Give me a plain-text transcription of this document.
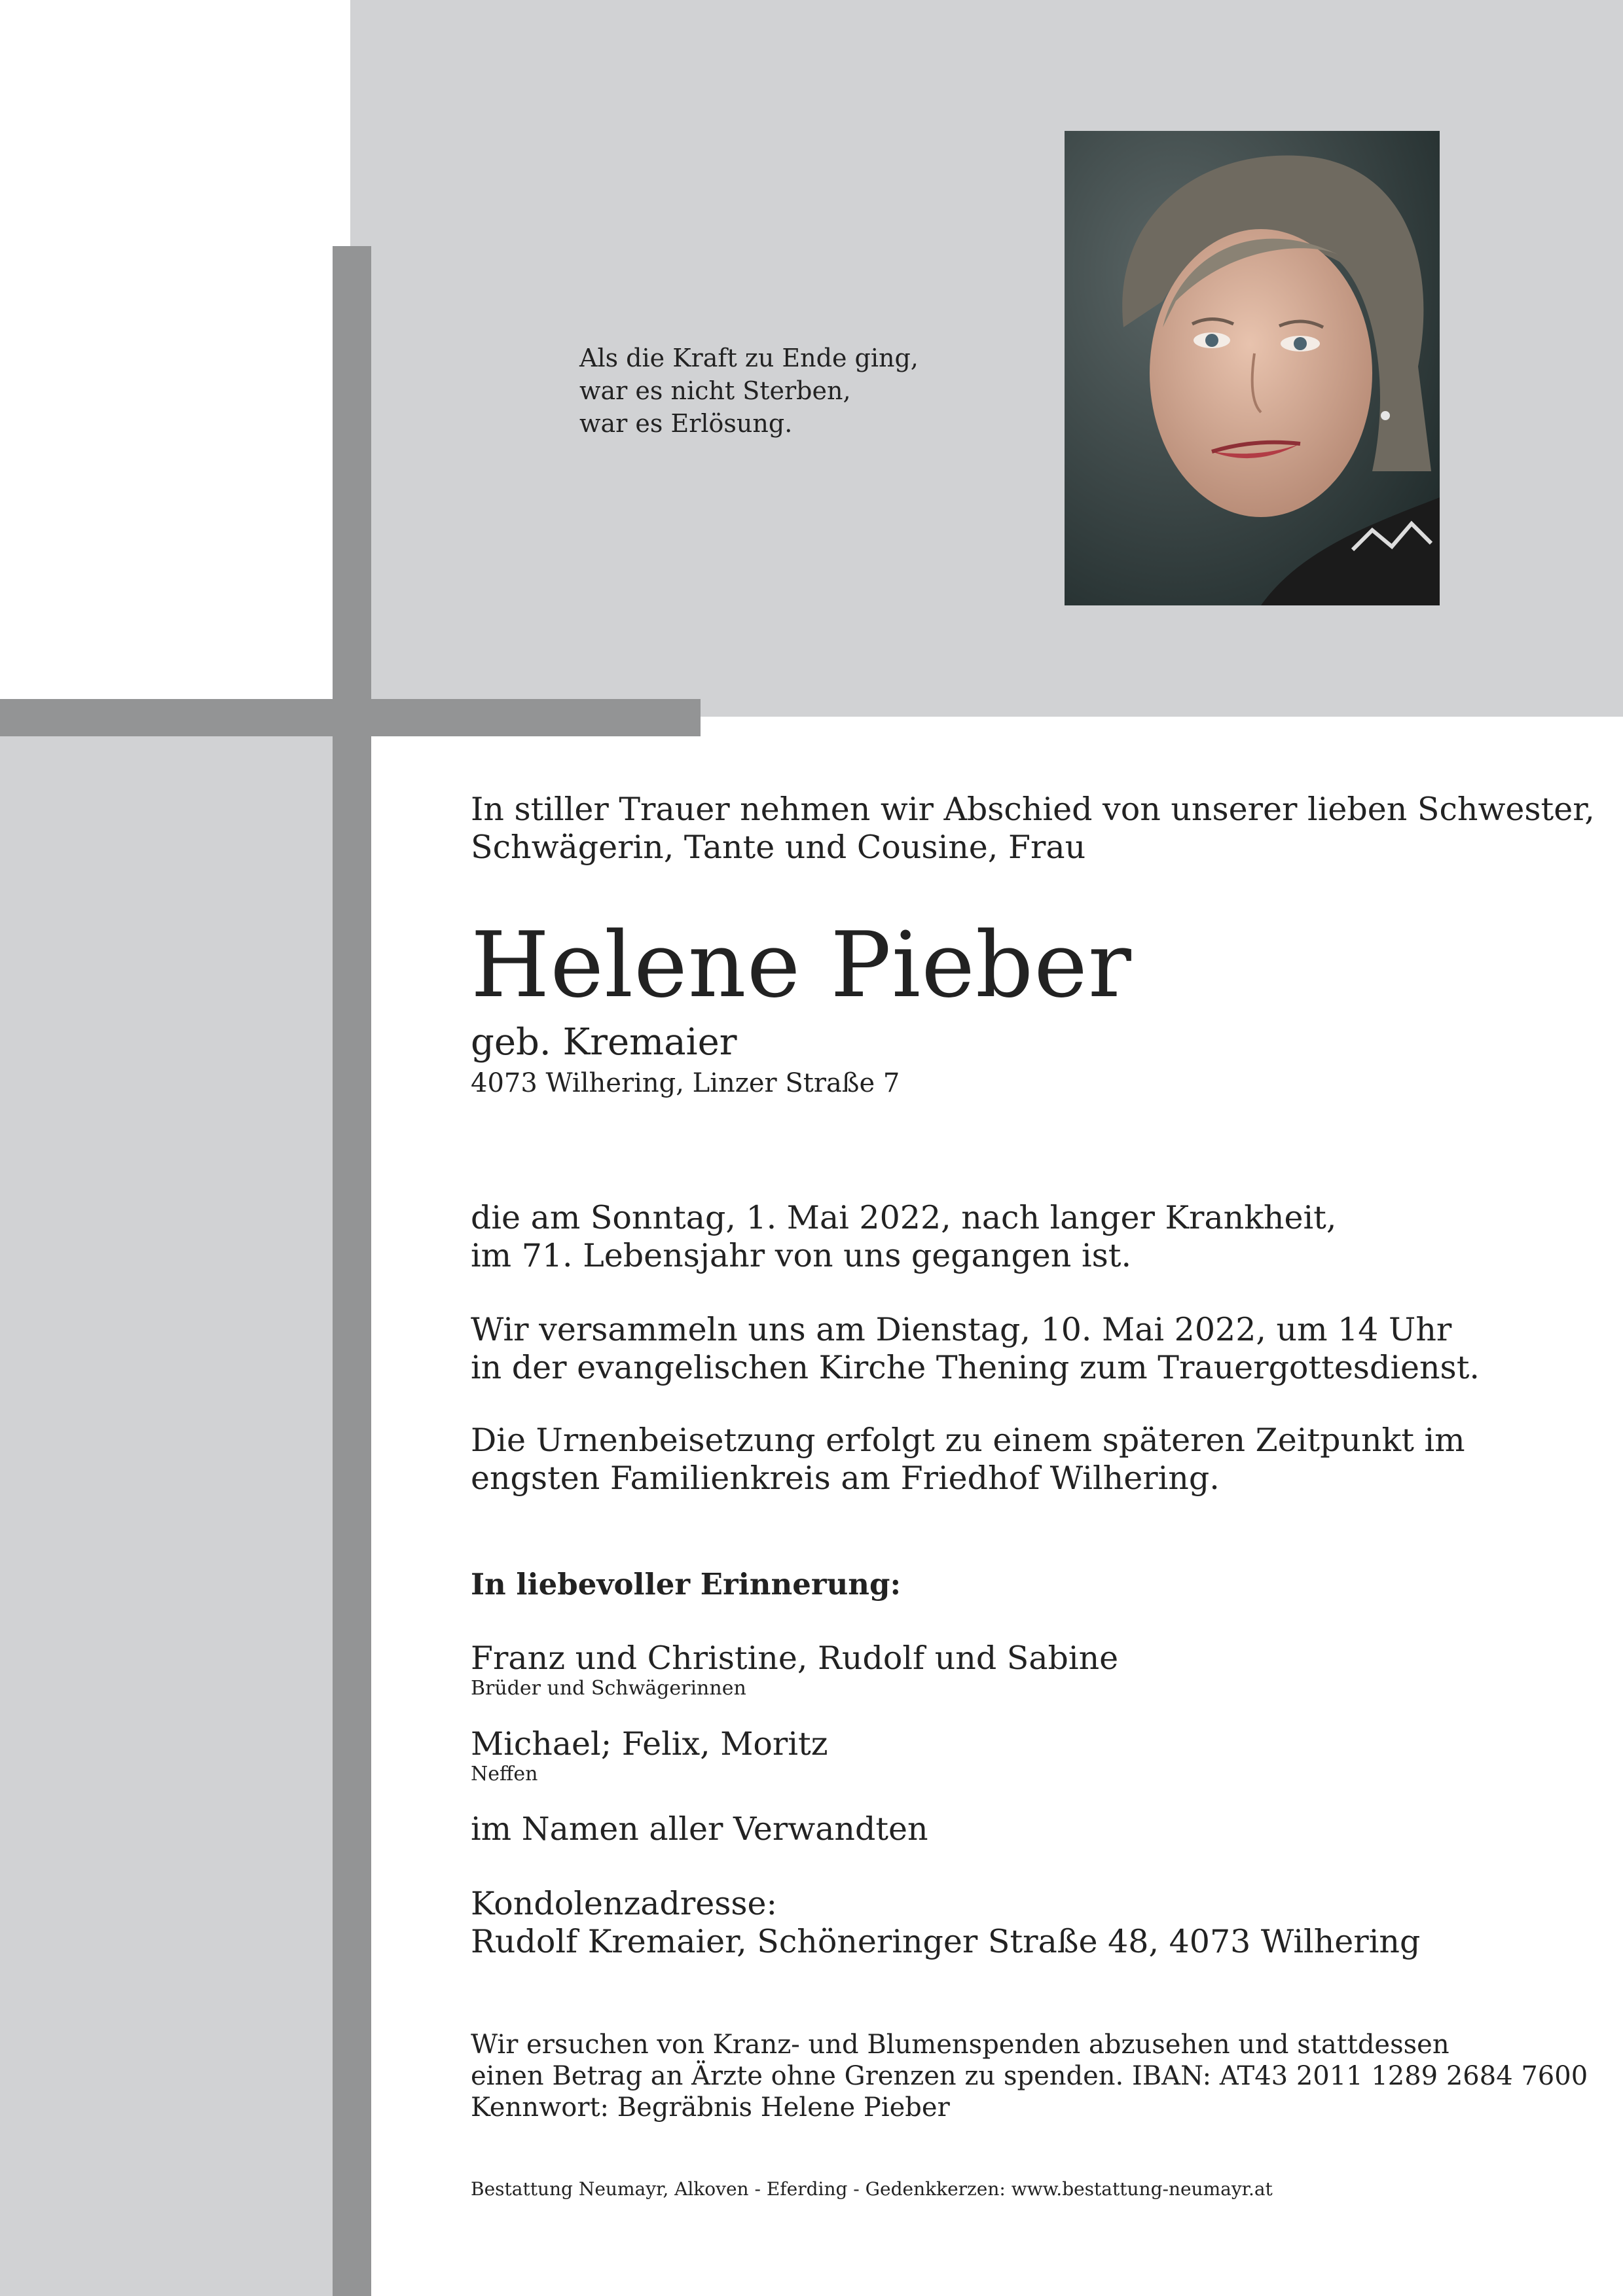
Als die Kraft zu Ende ging,
war es nicht Sterben,
war es Erlösung.
In stiller Trauer nehmen wir Abschied von unserer lieben Schwester,
Schwägerin, Tante und Cousine, Frau
Helene Pieber
geb. Kremaier
4073 Wilhering, Linzer Straße 7
die am Sonntag, 1. Mai 2022, nach langer Krankheit,
im 71. Lebensjahr von uns gegangen ist.
Wir versammeln uns am Dienstag, 10. Mai 2022, um 14 Uhr
in der evangelischen Kirche Thening zum Trauergottesdienst.
Die Urnenbeisetzung erfolgt zu einem späteren Zeitpunkt im
engsten Familienkreis am Friedhof Wilhering.
In liebevoller Erinnerung:
Franz und Christine, Rudolf und Sabine
Brüder und Schwägerinnen
Michael; Felix, Moritz
Neffen
im Namen aller Verwandten
Kondolenzadresse:
Rudolf Kremaier, Schöneringer Straße 48, 4073 Wilhering
Wir ersuchen von Kranz- und Blumenspenden abzusehen und stattdessen
einen Betrag an Ärzte ohne Grenzen zu spenden. IBAN: AT43 2011 1289 2684 7600
Kennwort: Begräbnis Helene Pieber
Bestattung Neumayr, Alkoven - Eferding - Gedenkkerzen: www.bestattung-neumayr.at
